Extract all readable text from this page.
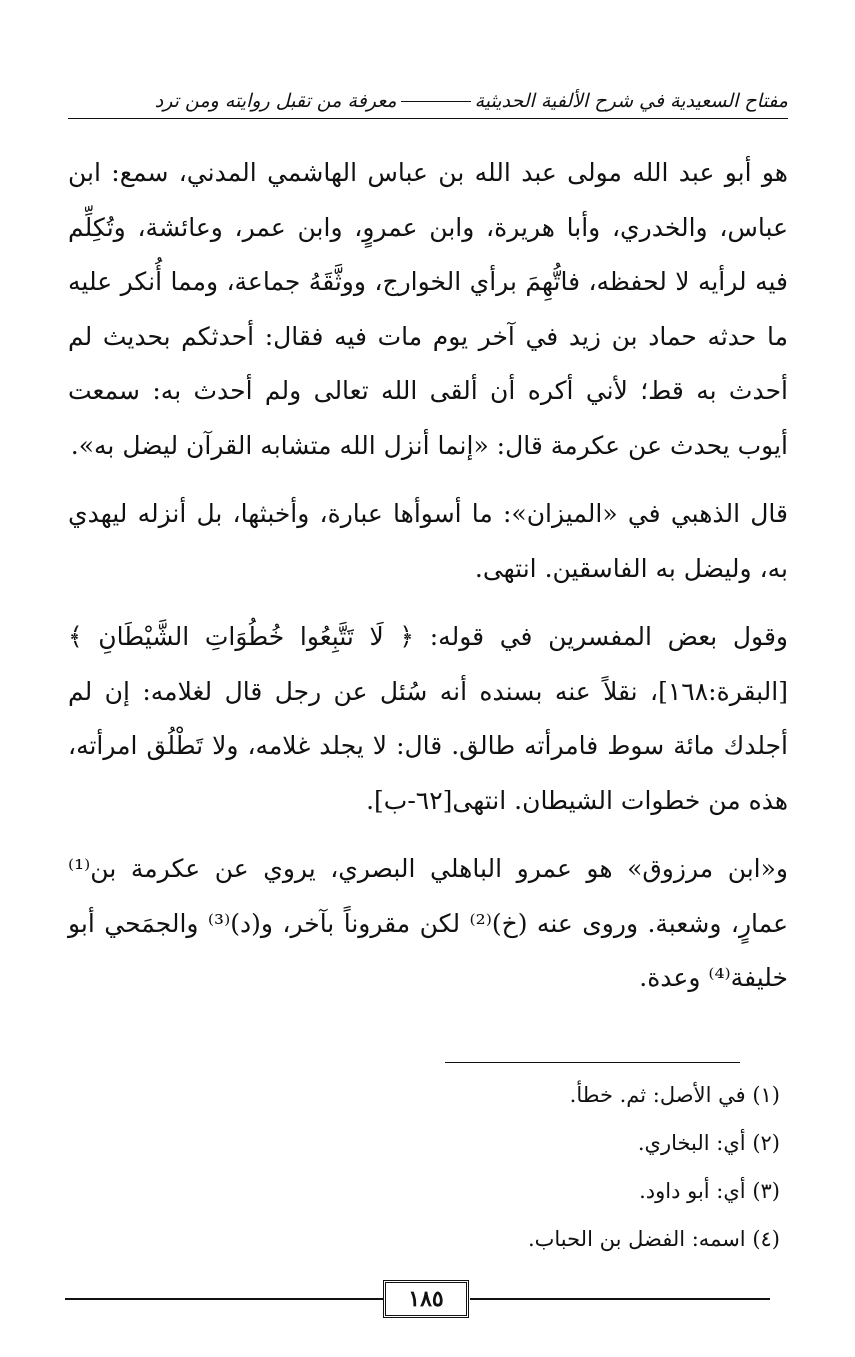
مفتاح السعيدية في شرح الألفية الحديثية
معرفة من تقبل روايته ومن ترد

هو أبو عبد الله مولى عبد الله بن عباس الهاشمي المدني، سمع: ابن عباس، والخدري، وأبا هريرة، وابن عمروٍ، وابن عمر، وعائشة، وتُكِلِّم فيه لرأيه لا لحفظه، فاتُّهِمَ برأي الخوارج، ووثَّقَهُ جماعة، ومما أُنكر عليه ما حدثه حماد بن زيد في آخر يوم مات فيه فقال: أحدثكم بحديث لم أحدث به قط؛ لأني أكره أن ألقى الله تعالى ولم أحدث به: سمعت أيوب يحدث عن عكرمة قال: «إنما أنزل الله متشابه القرآن ليضل به».

قال الذهبي في «الميزان»: ما أسوأها عبارة، وأخبثها، بل أنزله ليهدي به، وليضل به الفاسقين. انتهى.

وقول بعض المفسرين في قوله: ﴿ لَا تَتَّبِعُوا خُطُوَاتِ الشَّيْطَانِ ﴾[البقرة:١٦٨]، نقلاً عنه بسنده أنه سُئل عن رجل قال لغلامه: إن لم أجلدك مائة سوط فامرأته طالق. قال: لا يجلد غلامه، ولا تَطْلُق امرأته، هذه من خطوات الشيطان. انتهى[٦٢-ب].

و«ابن مرزوق» هو عمرو الباهلي البصري، يروي عن عكرمة بن⁽¹⁾ عمارٍ، وشعبة. وروى عنه (خ)⁽²⁾ لكن مقروناً بآخر، و(د)⁽³⁾ والجمَحي أبو خليفة⁽⁴⁾ وعدة.

(١) في الأصل: ثم. خطأ.
(٢) أي: البخاري.
(٣) أي: أبو داود.
(٤) اسمه: الفضل بن الحباب.
١٨٥
